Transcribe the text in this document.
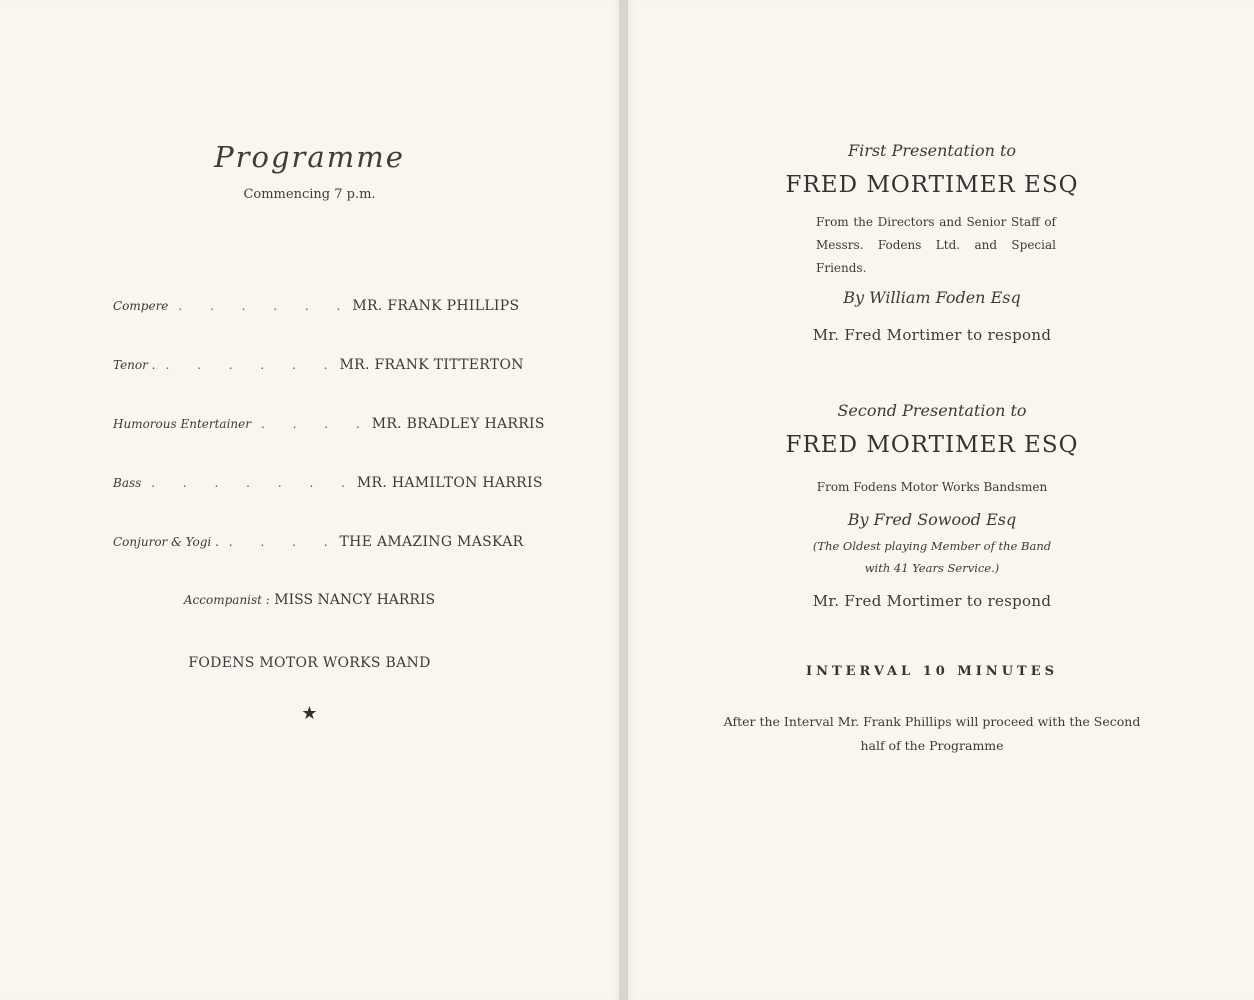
Programme
Commencing 7 p.m.
Compere . . . . . . MR. FRANK PHILLIPS
Tenor . . . . . . . MR. FRANK TITTERTON
Humorous Entertainer . . . . MR. BRADLEY HARRIS
Bass . . . . . . . MR. HAMILTON HARRIS
Conjuror & Yogi . . . . . THE AMAZING MASKAR
Accompanist : MISS NANCY HARRIS
FODENS MOTOR WORKS BAND
★
First Presentation to
FRED MORTIMER ESQ
From the Directors and Senior Staff of Messrs. Fodens Ltd. and Special Friends.
By William Foden Esq
Mr. Fred Mortimer to respond
Second Presentation to
FRED MORTIMER ESQ
From Fodens Motor Works Bandsmen
By Fred Sowood Esq
(The Oldest playing Member of the Band
with 41 Years Service.)
Mr. Fred Mortimer to respond
INTERVAL 10 MINUTES
After the Interval Mr. Frank Phillips will proceed with the Second
half of the Programme
